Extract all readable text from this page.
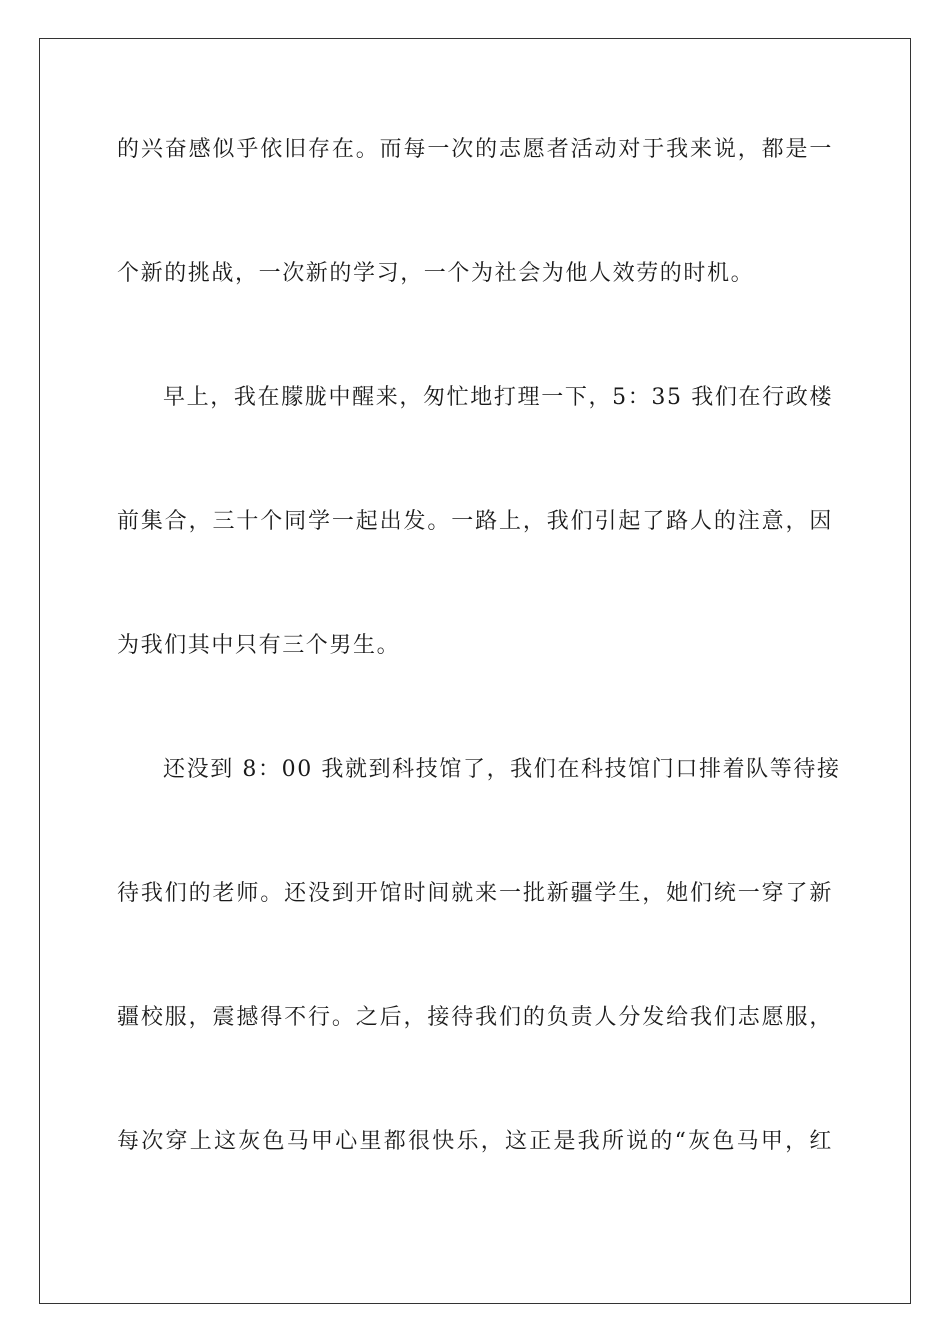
的兴奋感似乎依旧存在。而每一次的志愿者活动对于我来说，都是一
个新的挑战，一次新的学习，一个为社会为他人效劳的时机。
早上，我在朦胧中醒来，匆忙地打理一下，5：35 我们在行政楼
前集合，三十个同学一起出发。一路上，我们引起了路人的注意，因
为我们其中只有三个男生。
还没到 8：00 我就到科技馆了，我们在科技馆门口排着队等待接
待我们的老师。还没到开馆时间就来一批新疆学生，她们统一穿了新
疆校服，震撼得不行。之后，接待我们的负责人分发给我们志愿服，
每次穿上这灰色马甲心里都很快乐，这正是我所说的“灰色马甲，红
